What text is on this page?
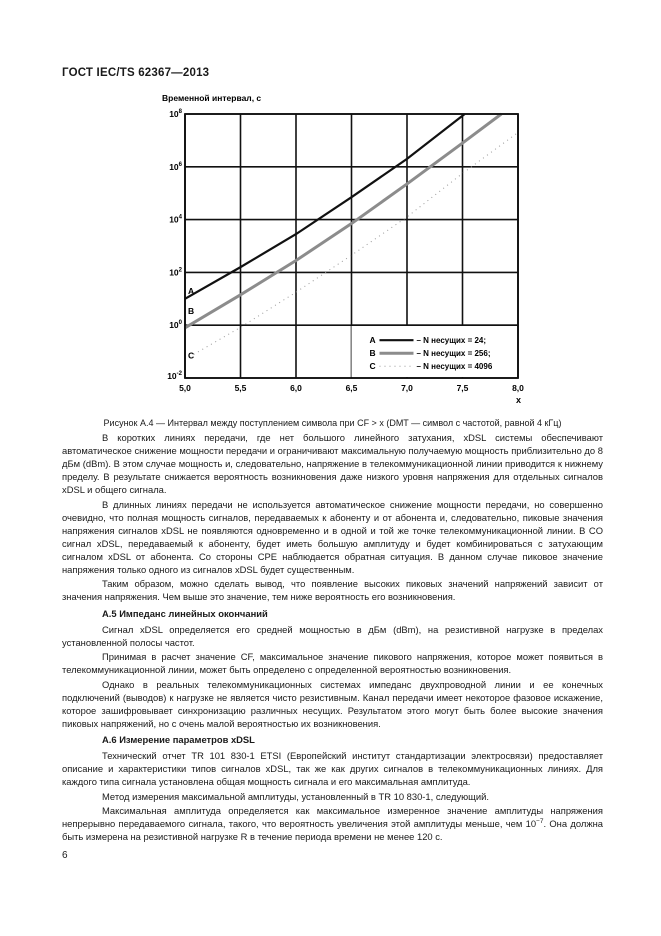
ГОСТ IEC/TS 62367—2013
Временной интервал, с
A
B
C
5,0	5,5	6,0	6,5	7,0	7,5	8,0
$10^8$
$10^6$
$10^4$
$10^2$
$10^0$
$10^{-2}$
A	– N несущих = 24;
B	– N несущих = 256;
C	– N несущих = 4096
x
Рисунок А.4 — Интервал между поступлением символа при CF > x (DMT — символ с частотой, равной 4 кГц)

В коротких линиях передачи, где нет большого линейного затухания, xDSL системы обеспечивают автоматическое снижение мощности передачи и ограничивают максимальную получаемую мощность приблизительно до 8 дБм (dBm). В этом случае мощность и, следовательно, напряжение в телекоммуникационной линии приводится к нижнему пределу. В результате снижается вероятность возникновения даже низкого уровня напряжения для отдельных сигналов xDSL и общего сигнала.

В длинных линиях передачи не используется автоматическое снижение мощности передачи, но совершенно очевидно, что полная мощность сигналов, передаваемых к абоненту и от абонента и, следовательно, пиковые значения напряжения сигналов xDSL не появляются одновременно и в одной и той же точке телекоммуникационной линии. В CO сигнал xDSL, передаваемый к абоненту, будет иметь большую амплитуду и будет комбинироваться с затухающим сигналом xDSL от абонента. Со стороны CPE наблюдается обратная ситуация. В данном случае пиковое значение напряжения только одного из сигналов xDSL будет существенным.

Таким образом, можно сделать вывод, что появление высоких пиковых значений напряжений зависит от значения напряжения. Чем выше это значение, тем ниже вероятность его возникновения.

А.5 Импеданс линейных окончаний

Сигнал xDSL определяется его средней мощностью в дБм (dBm), на резистивной нагрузке в пределах установленной полосы частот.

Принимая в расчет значение CF, максимальное значение пикового напряжения, которое может появиться в телекоммуникационной линии, может быть определено с определенной вероятностью возникновения.

Однако в реальных телекоммуникационных системах импеданс двухпроводной линии и ее конечных подключений (выводов) к нагрузке не является чисто резистивным. Канал передачи имеет некоторое фазовое искажение, которое зашифровывает синхронизацию различных несущих. Результатом этого могут быть более высокие значения пиковых напряжений, но с очень малой вероятностью их возникновения.

А.6 Измерение параметров xDSL

Технический отчет TR 101 830-1 ETSI (Европейский институт стандартизации электросвязи) предоставляет описание и характеристики типов сигналов xDSL, так же как других сигналов в телекоммуникационных линиях. Для каждого типа сигнала установлена общая мощность сигнала и его максимальная амплитуда.

Метод измерения максимальной амплитуды, установленный в TR 10 830-1, следующий.

Максимальная амплитуда определяется как максимальное измеренное значение амплитуды напряжения непрерывно передаваемого сигнала, такого, что вероятность увеличения этой амплитуды меньше, чем $10^{-7}$. Она должна быть измерена на резистивной нагрузке R в течение периода времени не менее 120 с.

6
